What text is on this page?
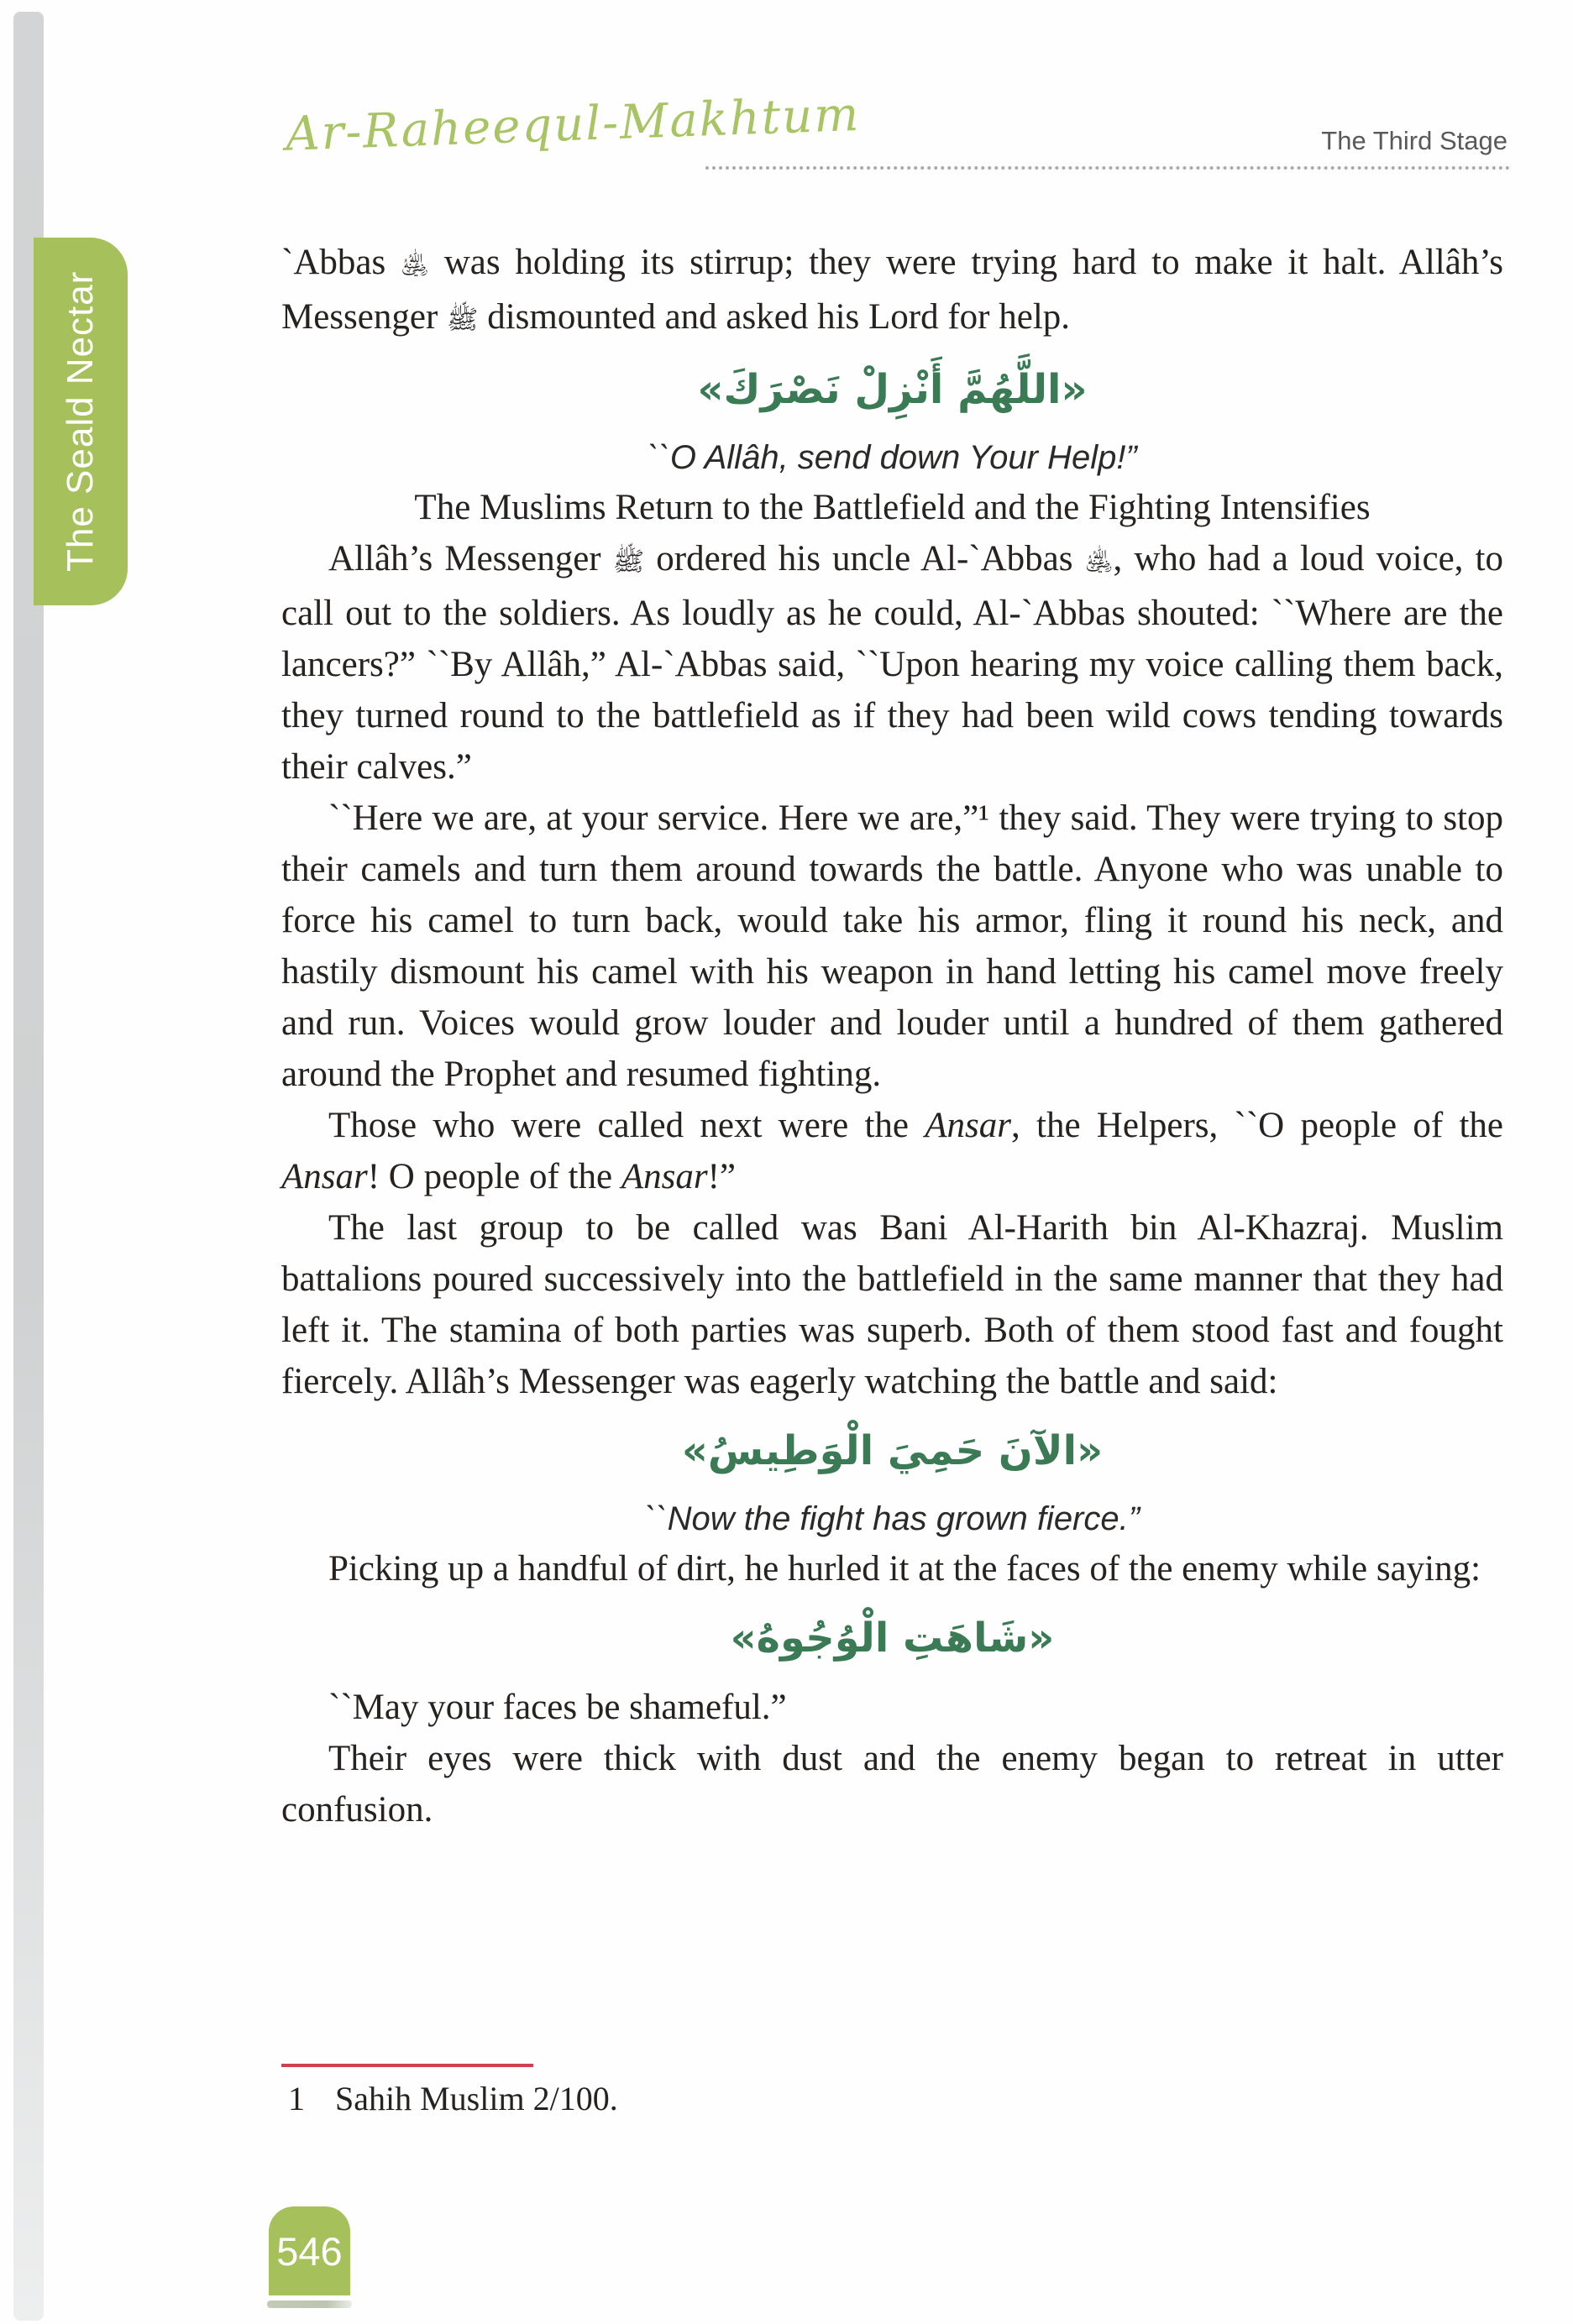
The Seald Nectar
Ar-Raheequl-Makhtum	The Third Stage

`Abbas ﵁ was holding its stirrup; they were trying hard to make it halt. Allâh’s Messenger ﷺ dismounted and asked his Lord for help.

«اللَّهُمَّ أَنْزِلْ نَصْرَكَ»

``O Allâh, send down Your Help!”

The Muslims Return to the Battlefield and the Fighting Intensifies

Allâh’s Messenger ﷺ ordered his uncle Al-`Abbas ﵁, who had a loud voice, to call out to the soldiers. As loudly as he could, Al-`Abbas shouted: ``Where are the lancers?” ``By Allâh,” Al-`Abbas said, ``Upon hearing my voice calling them back, they turned round to the battlefield as if they had been wild cows tending towards their calves.”

``Here we are, at your service. Here we are,”¹ they said. They were trying to stop their camels and turn them around towards the battle. Anyone who was unable to force his camel to turn back, would take his armor, fling it round his neck, and hastily dismount his camel with his weapon in hand letting his camel move freely and run. Voices would grow louder and louder until a hundred of them gathered around the Prophet and resumed fighting.

Those who were called next were the Ansar, the Helpers, ``O people of the Ansar! O people of the Ansar!”

The last group to be called was Bani Al-Harith bin Al-Khazraj. Muslim battalions poured successively into the battlefield in the same manner that they had left it. The stamina of both parties was superb. Both of them stood fast and fought fiercely. Allâh’s Messenger was eagerly watching the battle and said:

«الآنَ حَمِيَ الْوَطِيسُ»

``Now the fight has grown fierce.”

Picking up a handful of dirt, he hurled it at the faces of the enemy while saying:

«شَاهَتِ الْوُجُوهُ»

``May your faces be shameful.”

Their eyes were thick with dust and the enemy began to retreat in utter confusion.

1 Sahih Muslim 2/100.
546
